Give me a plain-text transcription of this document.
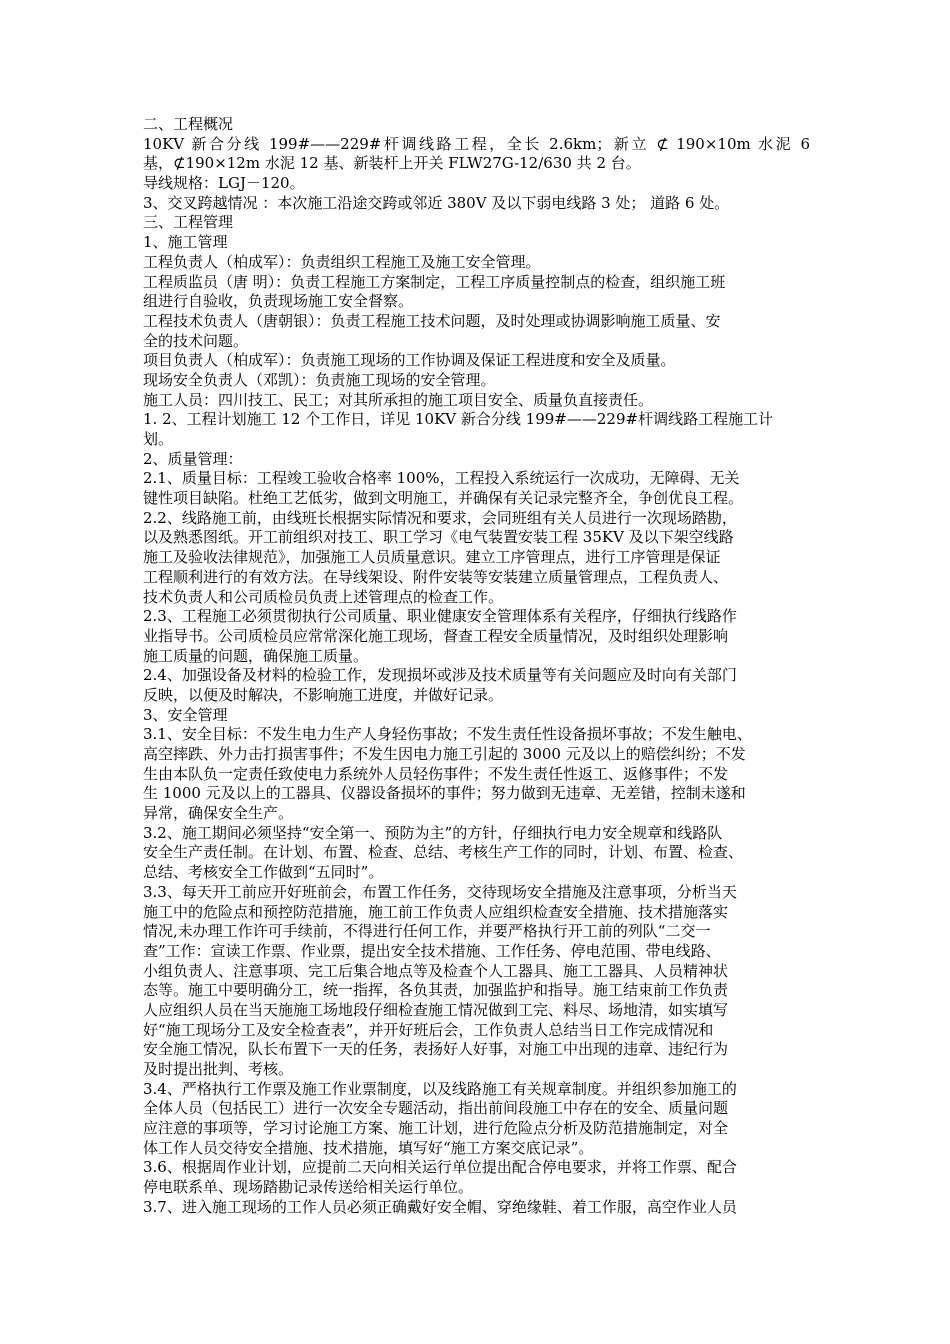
二、工程概况
10KV 新合分线 199#——229#杆调线路工程，全长 2.6km；新立 ⊄ 190×10m 水泥 6
基，⊄190×12m 水泥 12 基、新装杆上开关 FLW27G-12/630 共 2 台。
导线规格：LGJ－120。
3、交叉跨越情况 ：本次施工沿途交跨或邻近 380V 及以下弱电线路 3 处； 道路 6 处。
三、工程管理
1、施工管理
工程负责人（柏成军）：负责组织工程施工及施工安全管理。
工程质监员（唐 明）：负责工程施工方案制定，工程工序质量控制点的检查，组织施工班
组进行自验收，负责现场施工安全督察。
工程技术负责人（唐朝银）：负责工程施工技术问题，及时处理或协调影响施工质量、安
全的技术问题。
项目负责人（柏成军）：负责施工现场的工作协调及保证工程进度和安全及质量。
现场安全负责人（邓凯）：负责施工现场的安全管理。
施工人员：四川技工、民工；对其所承担的施工项目安全、质量负直接责任。
1. 2、工程计划施工 12 个工作日，详见 10KV 新合分线 199#——229#杆调线路工程施工计
划。
2、质量管理：
2.1、质量目标：工程竣工验收合格率 100%，工程投入系统运行一次成功，无障碍、无关
键性项目缺陷。杜绝工艺低劣，做到文明施工，并确保有关记录完整齐全，争创优良工程。
2.2、线路施工前，由线班长根据实际情况和要求，会同班组有关人员进行一次现场踏勘，
以及熟悉图纸。开工前组织对技工、职工学习《电气装置安装工程 35KV 及以下架空线路
施工及验收法律规范》，加强施工人员质量意识。建立工序管理点，进行工序管理是保证
工程顺利进行的有效方法。在导线架设、附件安装等安装建立质量管理点，工程负责人、
技术负责人和公司质检员负责上述管理点的检查工作。
2.3、工程施工必须贯彻执行公司质量、职业健康安全管理体系有关程序，仔细执行线路作
业指导书。公司质检员应常常深化施工现场，督查工程安全质量情况，及时组织处理影响
施工质量的问题，确保施工质量。
2.4、加强设备及材料的检验工作，发现损坏或涉及技术质量等有关问题应及时向有关部门
反映，以便及时解决，不影响施工进度，并做好记录。
3、安全管理
3.1、安全目标：不发生电力生产人身轻伤事故；不发生责任性设备损坏事故；不发生触电、
高空摔跌、外力击打损害事件；不发生因电力施工引起的 3000 元及以上的赔偿纠纷；不发
生由本队负一定责任致使电力系统外人员轻伤事件；不发生责任性返工、返修事件；不发
生 1000 元及以上的工器具、仪器设备损坏的事件；努力做到无违章、无差错，控制未遂和
异常，确保安全生产。
3.2、施工期间必须坚持“安全第一、预防为主”的方针，仔细执行电力安全规章和线路队
安全生产责任制。在计划、布置、检查、总结、考核生产工作的同时，计划、布置、检查、
总结、考核安全工作做到“五同时”。
3.3、每天开工前应开好班前会，布置工作任务，交待现场安全措施及注意事项，分析当天
施工中的危险点和预控防范措施，施工前工作负责人应组织检查安全措施、技术措施落实
情况,未办理工作许可手续前，不得进行任何工作，并要严格执行开工前的列队“二交一
查”工作：宣读工作票、作业票，提出安全技术措施、工作任务、停电范围、带电线路、
小组负责人、注意事项、完工后集合地点等及检查个人工器具、施工工器具、人员精神状
态等。施工中要明确分工，统一指挥，各负其责，加强监护和指导。施工结束前工作负责
人应组织人员在当天施施工场地段仔细检查施工情况做到工完、料尽、场地清，如实填写
好“施工现场分工及安全检查表”，并开好班后会，工作负责人总结当日工作完成情况和
安全施工情况，队长布置下一天的任务，表扬好人好事，对施工中出现的违章、违纪行为
及时提出批判、考核。
3.4、严格执行工作票及施工作业票制度，以及线路施工有关规章制度。并组织参加施工的
全体人员（包括民工）进行一次安全专题活动，指出前间段施工中存在的安全、质量问题
应注意的事项等，学习讨论施工方案、施工计划，进行危险点分析及防范措施制定，对全
体工作人员交待安全措施、技术措施，填写好“施工方案交底记录”。
3.6、根据周作业计划，应提前二天向相关运行单位提出配合停电要求，并将工作票、配合
停电联系单、现场踏勘记录传送给相关运行单位。
3.7、进入施工现场的工作人员必须正确戴好安全帽、穿绝缘鞋、着工作服，高空作业人员
